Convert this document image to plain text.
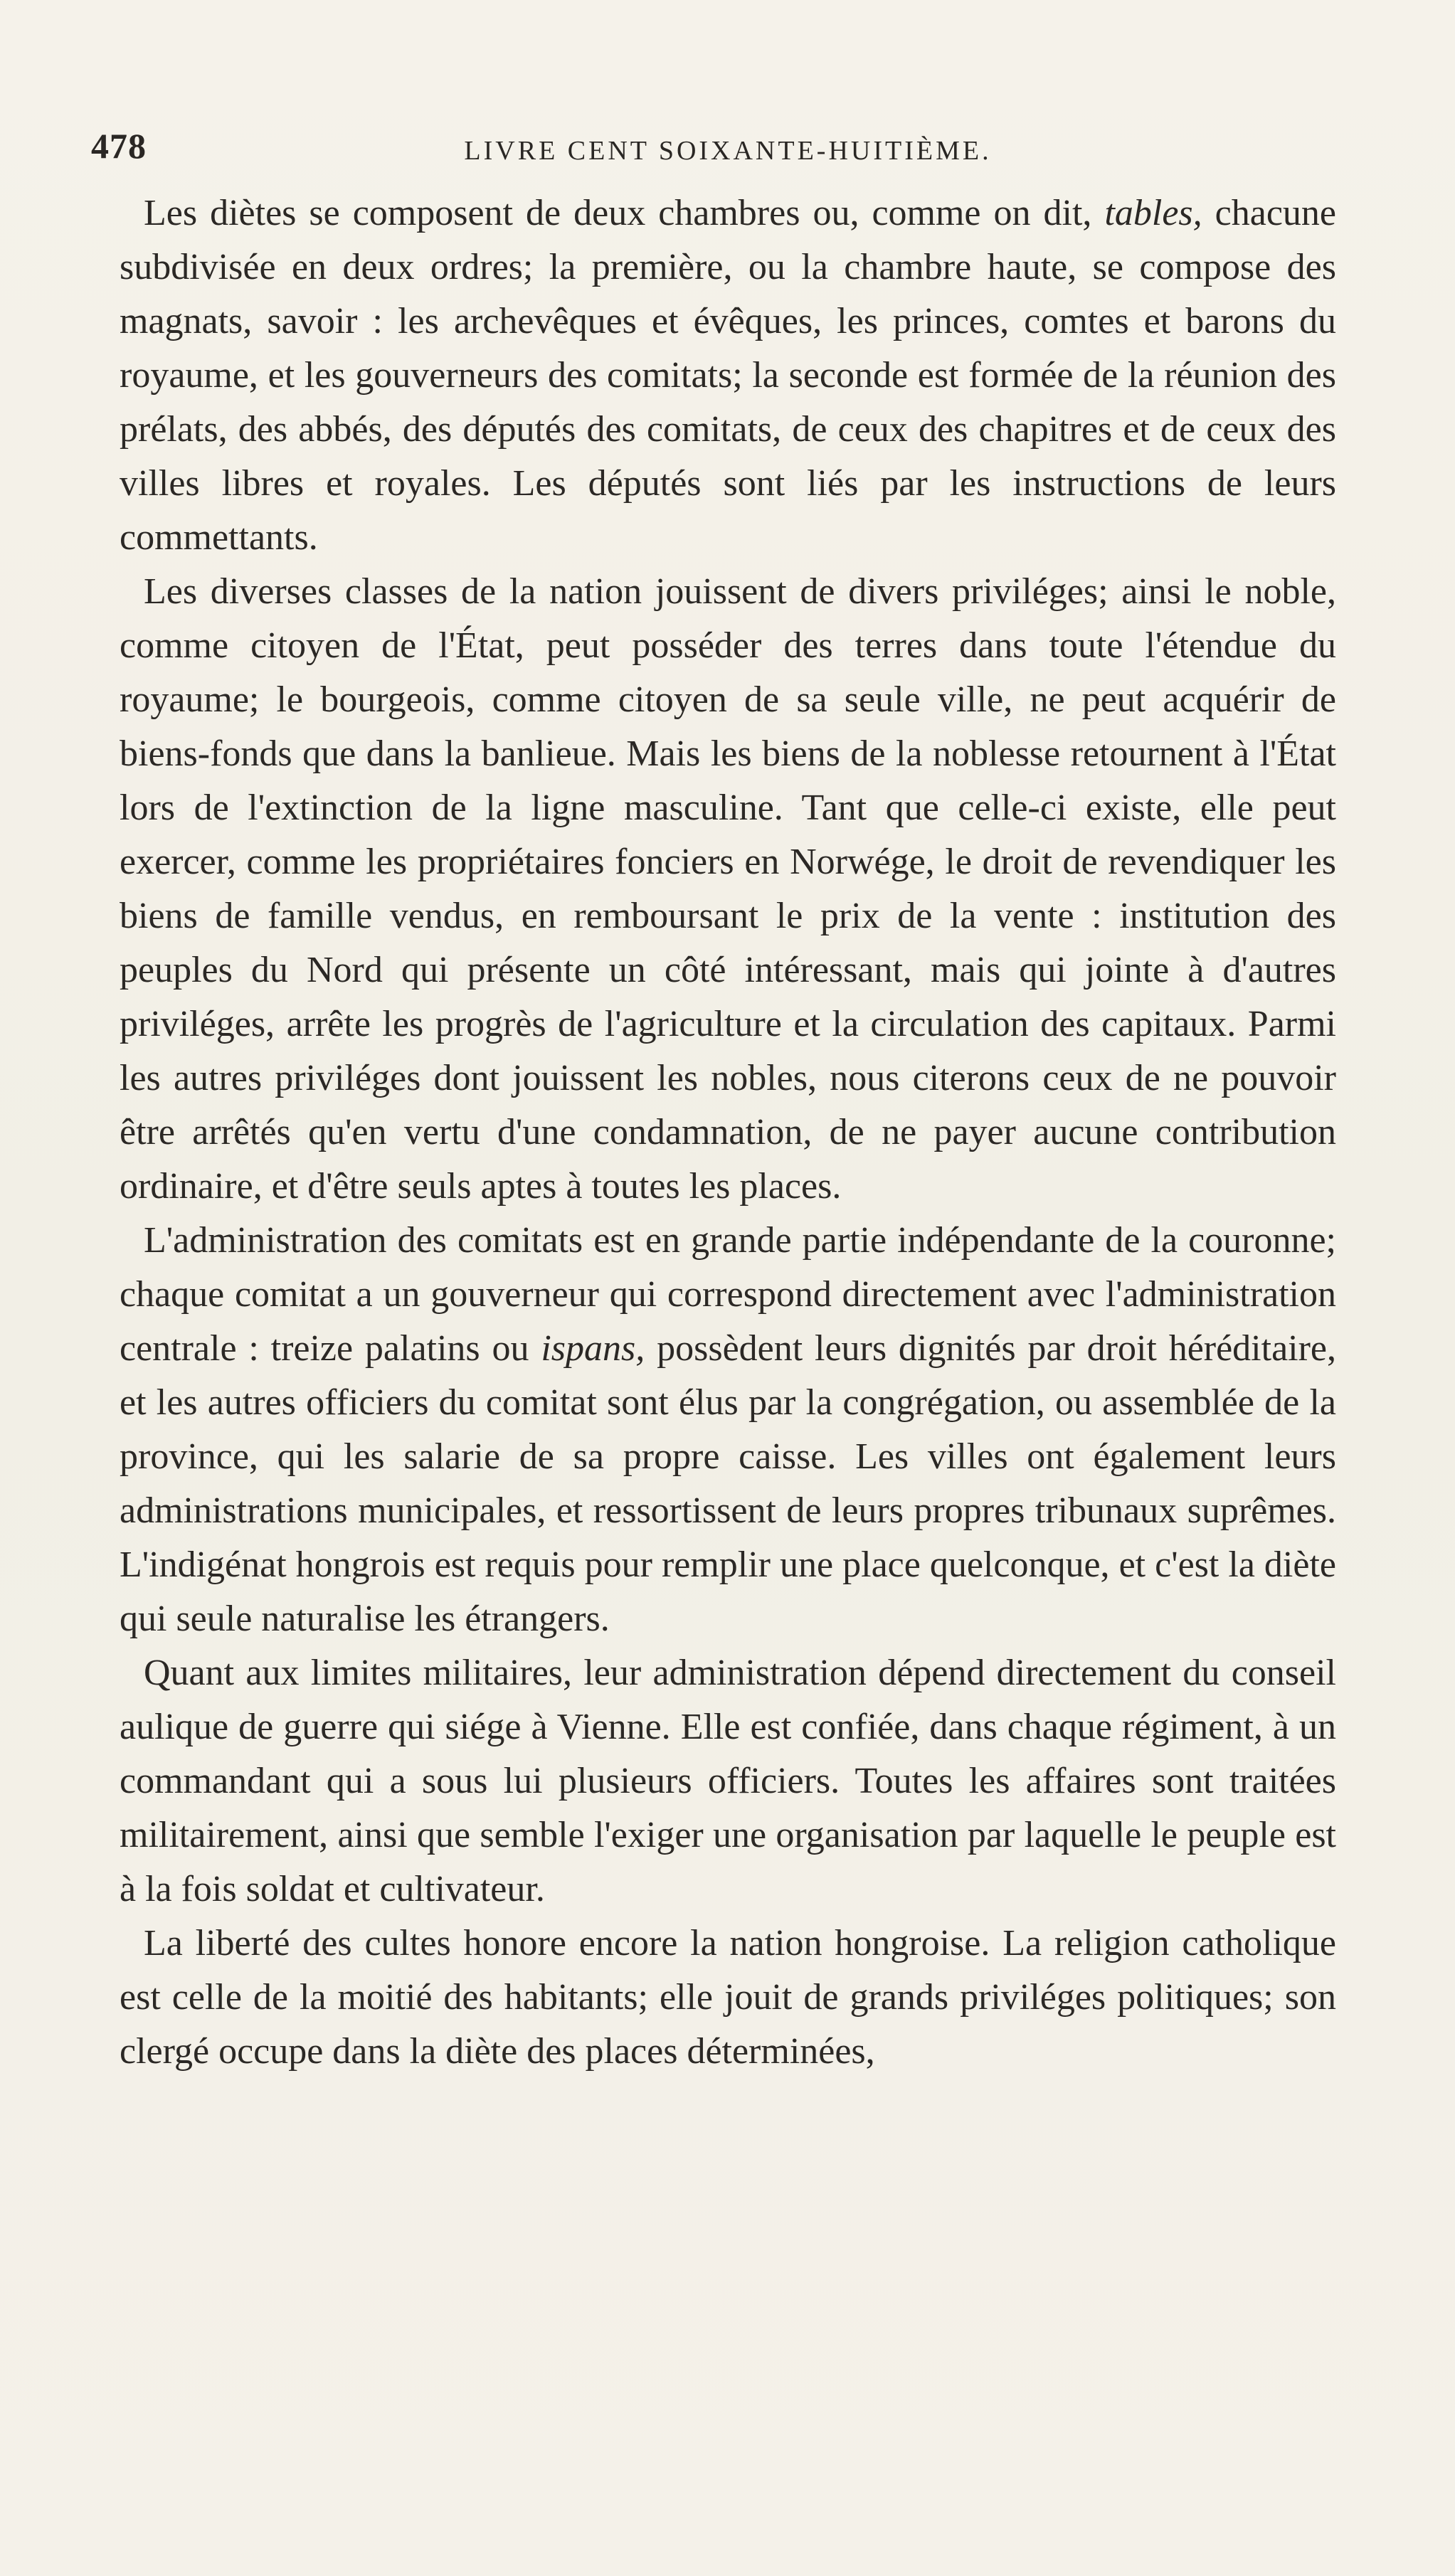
478	LIVRE CENT SOIXANTE-HUITIÈME.

Les diètes se composent de deux chambres ou, comme on dit, tables, chacune subdivisée en deux ordres; la première, ou la chambre haute, se compose des magnats, savoir : les archevêques et évêques, les princes, comtes et barons du royaume, et les gouverneurs des comitats; la seconde est formée de la réunion des prélats, des abbés, des députés des comitats, de ceux des chapitres et de ceux des villes libres et royales. Les députés sont liés par les instructions de leurs commettants.

Les diverses classes de la nation jouissent de divers priviléges; ainsi le noble, comme citoyen de l'État, peut posséder des terres dans toute l'étendue du royaume; le bourgeois, comme citoyen de sa seule ville, ne peut acquérir de biens-fonds que dans la banlieue. Mais les biens de la noblesse retournent à l'État lors de l'extinction de la ligne masculine. Tant que celle-ci existe, elle peut exercer, comme les propriétaires fonciers en Norwége, le droit de revendiquer les biens de famille vendus, en remboursant le prix de la vente : institution des peuples du Nord qui présente un côté intéressant, mais qui jointe à d'autres priviléges, arrête les progrès de l'agriculture et la circulation des capitaux. Parmi les autres priviléges dont jouissent les nobles, nous citerons ceux de ne pouvoir être arrêtés qu'en vertu d'une condamnation, de ne payer aucune contribution ordinaire, et d'être seuls aptes à toutes les places.

L'administration des comitats est en grande partie indépendante de la couronne; chaque comitat a un gouverneur qui correspond directement avec l'administration centrale : treize palatins ou ispans, possèdent leurs dignités par droit héréditaire, et les autres officiers du comitat sont élus par la congrégation, ou assemblée de la province, qui les salarie de sa propre caisse. Les villes ont également leurs administrations municipales, et ressortissent de leurs propres tribunaux suprêmes. L'indigénat hongrois est requis pour remplir une place quelconque, et c'est la diète qui seule naturalise les étrangers.

Quant aux limites militaires, leur administration dépend directement du conseil aulique de guerre qui siége à Vienne. Elle est confiée, dans chaque régiment, à un commandant qui a sous lui plusieurs officiers. Toutes les affaires sont traitées militairement, ainsi que semble l'exiger une organisation par laquelle le peuple est à la fois soldat et cultivateur.

La liberté des cultes honore encore la nation hongroise. La religion catholique est celle de la moitié des habitants; elle jouit de grands priviléges politiques; son clergé occupe dans la diète des places déterminées,
